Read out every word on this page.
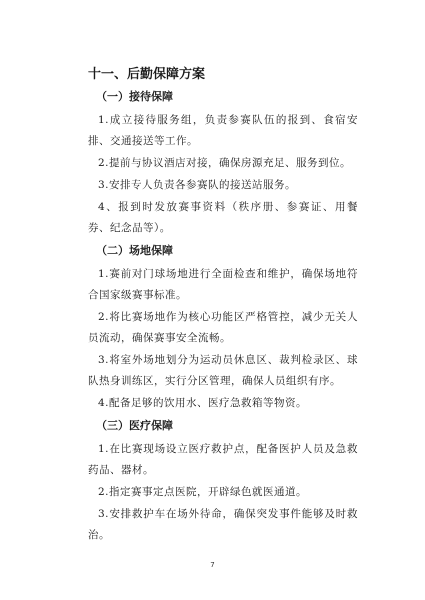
十一、后勤保障方案
（一）接待保障

1.成立接待服务组，负责参赛队伍的报到、食宿安排、交通接送等工作。

2.提前与协议酒店对接，确保房源充足、服务到位。

3.安排专人负责各参赛队的接送站服务。

4、报到时发放赛事资料（秩序册、参赛证、用餐券、纪念品等）。

（二）场地保障

1.赛前对门球场地进行全面检查和维护，确保场地符合国家级赛事标准。

2.将比赛场地作为核心功能区严格管控，减少无关人员流动，确保赛事安全流畅。

3.将室外场地划分为运动员休息区、裁判检录区、球队热身训练区，实行分区管理，确保人员组织有序。

4.配备足够的饮用水、医疗急救箱等物资。

（三）医疗保障

1.在比赛现场设立医疗救护点，配备医护人员及急救药品、器材。

2.指定赛事定点医院，开辟绿色就医通道。

3.安排救护车在场外待命，确保突发事件能够及时救治。

7
